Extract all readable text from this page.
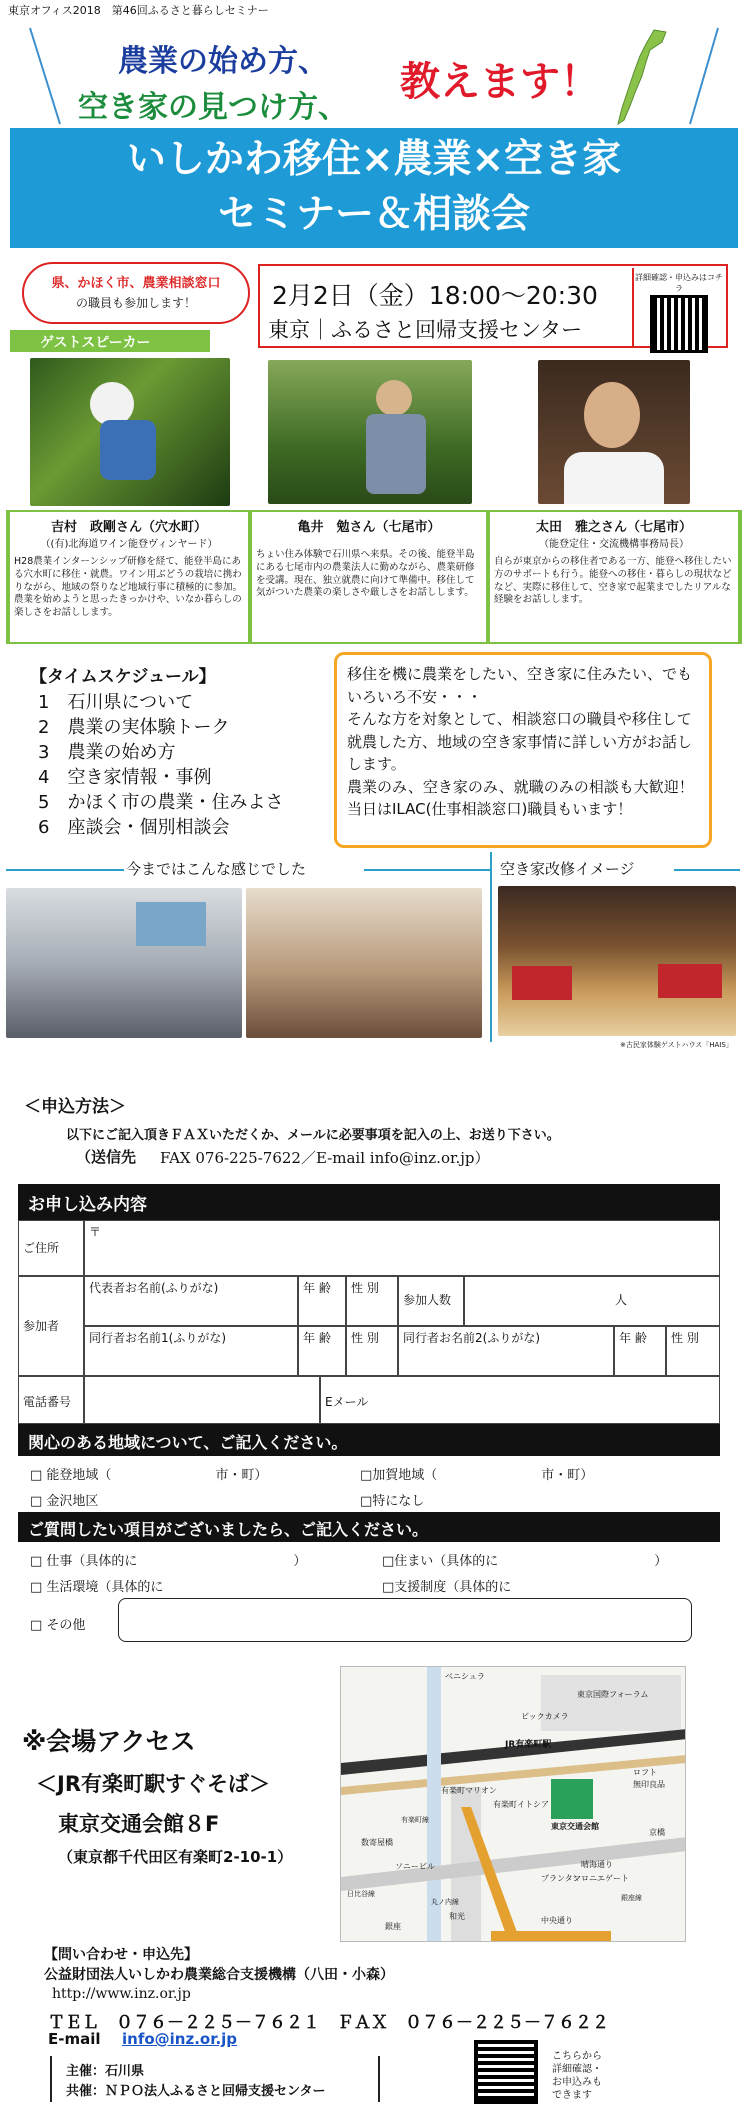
東京オフィス2018　第46回ふるさと暮らしセミナー
農業の始め方、
空き家の見つけ方、
教えます！
いしかわ移住×農業×空き家
セミナー＆相談会
県、かほく市、農業相談窓口
の職員も参加します！	2月2日（金）18:00〜20:30
東京｜ふるさと回帰支援センター
詳細確認・申込みはコチラ
ゲストスピーカー
吉村　政剛さん（穴水町）
（(有)北海道ワイン能登ヴィンヤード）
H28農業インターンシップ研修を経て、能登半島にある穴水町に移住・就農。ワイン用ぶどうの栽培に携わりながら、地域の祭りなど地域行事に積極的に参加。農業を始めようと思ったきっかけや、いなか暮らしの楽しさをお話しします。
亀井　勉さん（七尾市）
ちょい住み体験で石川県へ来県。その後、能登半島にある七尾市内の農業法人に勤めながら、農業研修を受講。現在、独立就農に向けて準備中。移住して気がついた農業の楽しさや厳しさをお話しします。
太田　雅之さん（七尾市）
（能登定住・交流機構事務局長）
自らが東京からの移住者である一方、能登へ移住したい方のサポートも行う。能登への移住・暮らしの現状などなど、実際に移住して、空き家で起業までしたリアルな経験をお話しします。
【タイムスケジュール】
1　石川県について
2　農業の実体験トーク
3　農業の始め方
4　空き家情報・事例
5　かほく市の農業・住みよさ
6　座談会・個別相談会
移住を機に農業をしたい、空き家に住みたい、でもいろいろ不安・・・
そんな方を対象として、相談窓口の職員や移住して就農した方、地域の空き家事情に詳しい方がお話しします。
農業のみ、空き家のみ、就職のみの相談も大歓迎！
当日はILAC(仕事相談窓口)職員もいます！
今まではこんな感じでした	空き家改修イメージ
※古民家体験ゲストハウス「HAIS」
＜申込方法＞
以下にご記入頂きＦＡＸいただくか、メールに必要事項を記入の上、お送り下さい。
（送信先 FAX 076-225-7622／E-mail info@inz.or.jp）
お申し込み内容
ご住所
〒
参加者
代表者お名前(ふりがな)	年 齢	性 別
参加人数	人
同行者お名前1(ふりがな)	年 齢	性 別	同行者お名前2(ふりがな)	年 齢	性 別
電話番号	Eメール
関心のある地域について、ご記入ください。
□ 能登地域（　　　　　　　　市・町）	□加賀地域（　　　　　　　　市・町）
□ 金沢地区	□特になし
ご質問したい項目がございましたら、ご記入ください。
□ 仕事（具体的に　　　　　　　　　　　　）	□住まい（具体的に　　　　　　　　　　　　）
□ 生活環境（具体的に	□支援制度（具体的に
□ その他
※会場アクセス
＜JR有楽町駅すぐそば＞
東京交通会館８F
（東京都千代田区有楽町2-10-1）
JR有楽町駅
東京国際フォーラム
ビックカメラ
有楽町マリオン
有楽町イトシア
東京交通会館
銀座
ソニービル
数寄屋橋
和光	中央通り
晴海通り
有楽町線
日比谷線	銀座線
丸ノ内線
ロフト
無印良品
ベニシュラ
プランタン
マロニエゲート
京橋
【問い合わせ・申込先】
公益財団法人いしかわ農業総合支援機構（八田・小森）
http://www.inz.or.jp
ＴＥＬ　０７６－２２５－７６２１　ＦＡＸ　０７６－２２５－７６２２
E-mail info@inz.or.jp
主催：石川県
共催：ＮＰＯ法人ふるさと回帰支援センター
こちらから
詳細確認・
お申込みも
できます
